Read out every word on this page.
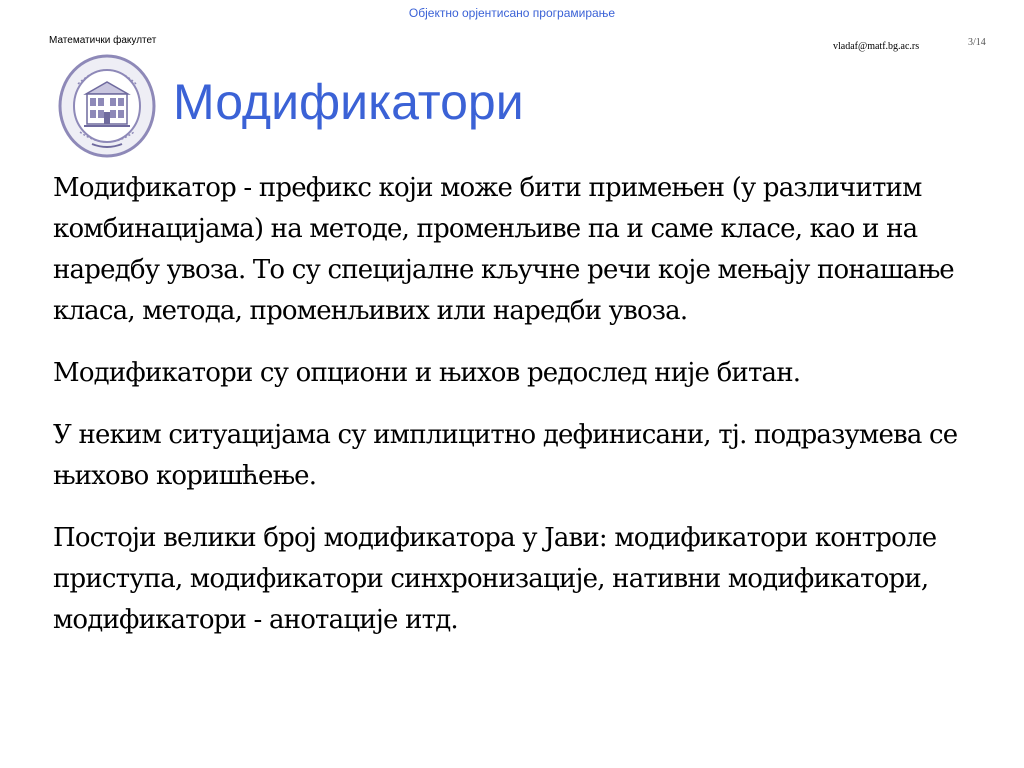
Објектно орјентисано програмирање
Математички факултет
vladaf@matf.bg.ac.rs	3/14
Модификатори

Модификатор - префикс који може бити примењен (у различитим комбинацијама) на методе, променљиве па и саме класе, као и на наредбу увоза. То су специјалне кључне речи које мењају понашање класа, метода, променљивих или наредби увоза.

Модификатори су опциони и њихов редослед није битан.

У неким ситуацијама су имплицитно дефинисани, тј. подразумева се њихово коришћење.

Постоји велики број модификатора у Јави: модификатори контроле приступа, модификатори синхронизације, нативни модификатори, модификатори - анотације итд.
